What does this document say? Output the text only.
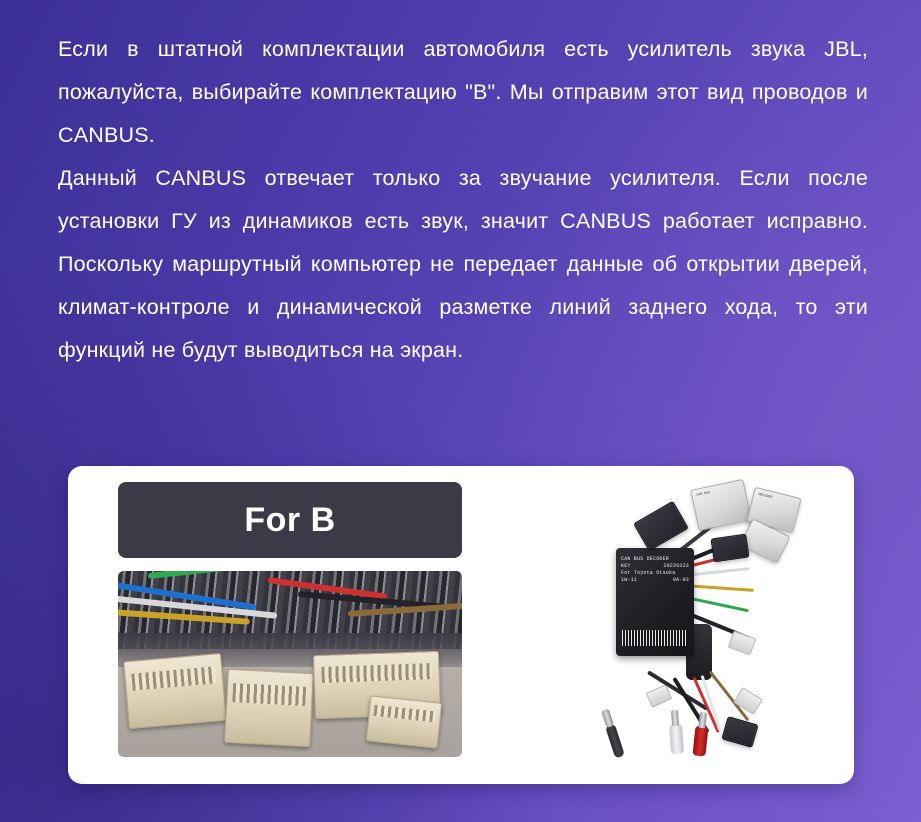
Если в штатной комплектации автомобиля есть усилитель звука JBL, пожалуйста, выбирайте комплектацию "B". Мы отправим этот вид проводов и CANBUS.

Данный CANBUS отвечает только за звучание усилителя. Если после установки ГУ из динамиков есть звук, значит CANBUS работает исправно. Поскольку маршрутный компьютер не передает данные об открытии дверей, климат-контроле и динамической разметке линий заднего хода, то эти функций не будут выводиться на экран.

For B
CAN BUS DECODER
KEY	20220323
For Toyota Otsuka
1W-11	0A-93
CAN BUS	DECODER
